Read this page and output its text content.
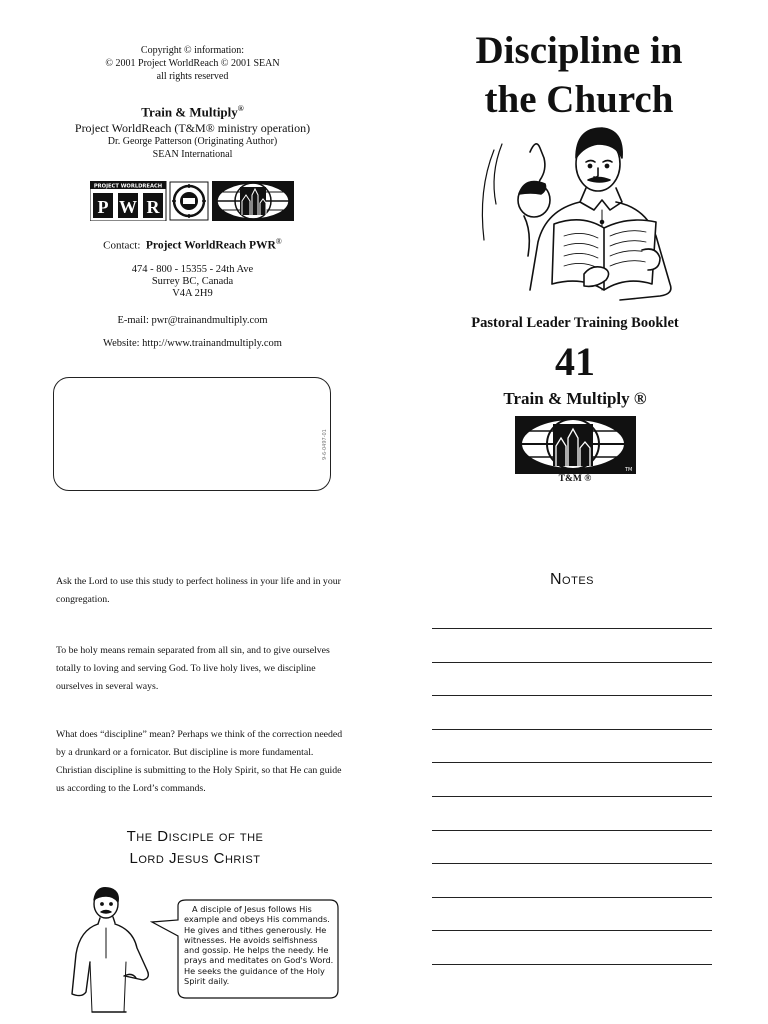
Copyright © information:
© 2001 Project WorldReach © 2001 SEAN
all rights reserved
Train & Multiply®
Project WorldReach (T&M® ministry operation)
Dr. George Patterson (Originating Author)
SEAN International
PROJECT WORLDREACH
P W R
Contact: Project WorldReach PWR®
474 - 800 - 15355 - 24th Ave
Surrey BC, Canada
V4A 2H9
E-mail: pwr@trainandmultiply.com
Website: http://www.trainandmultiply.com
9-6-0497-01
Discipline in
the Church
Pastoral Leader Training Booklet
41
Train & Multiply ®
TM
T&M ®
Ask the Lord to use this study to perfect holiness in your life and in your congregation.
To be holy means remain separated from all sin, and to give ourselves totally to loving and serving God. To live holy lives, we discipline ourselves in several ways.
What does “discipline” mean? Perhaps we think of the correction needed by a drunkard or a fornicator. But discipline is more fundamental. Christian discipline is submitting to the Holy Spirit, so that He can guide us according to the Lord’s commands.
The Disciple of the
Lord Jesus Christ
A disciple of Jesus follows His example and obeys His commands. He gives and tithes generously. He witnesses. He avoids selfishness and gossip. He helps the needy. He prays and meditates on God's Word. He seeks the guidance of the Holy Spirit daily.
Notes
